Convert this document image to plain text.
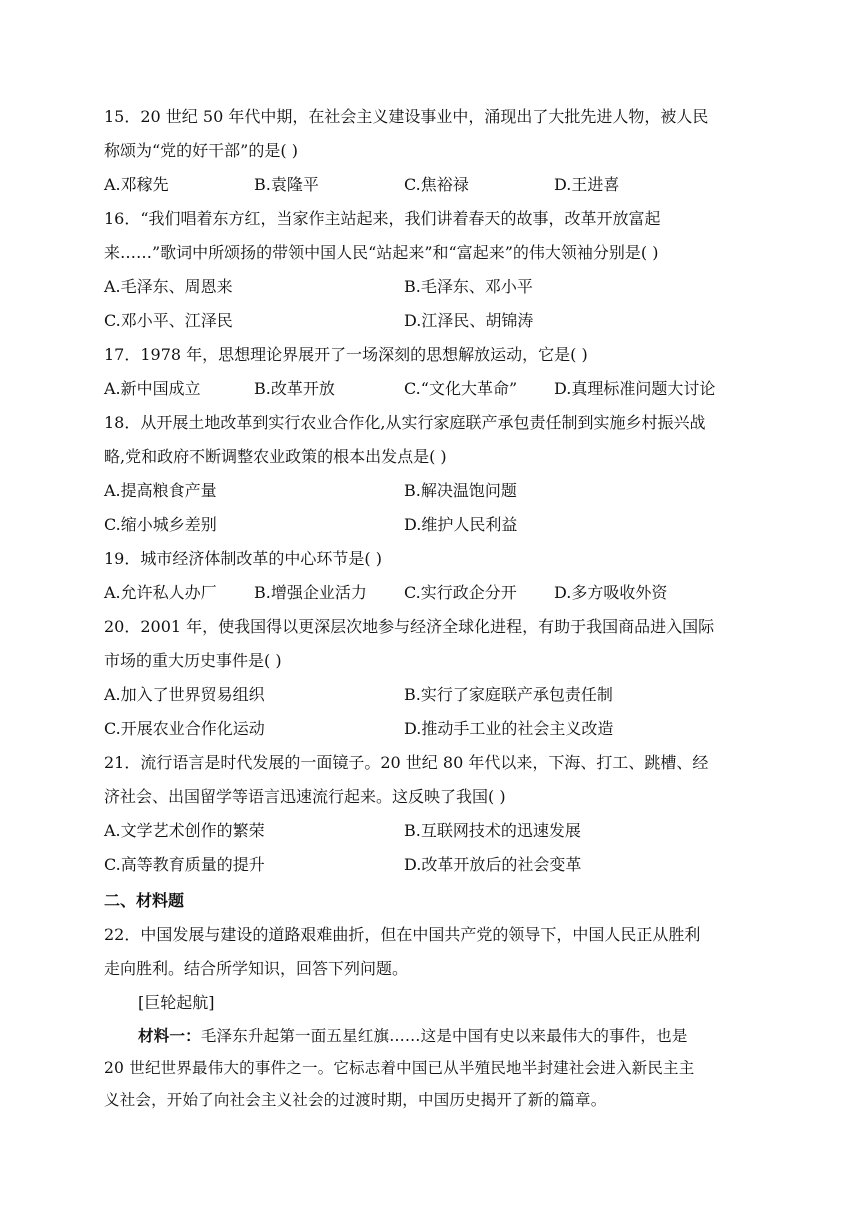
15．20 世纪 50 年代中期，在社会主义建设事业中，涌现出了大批先进人物，被人民
称颂为“党的好干部”的是( )
A.邓稼先	B.袁隆平	C.焦裕禄	D.王进喜
16．“我们唱着东方红，当家作主站起来，我们讲着春天的故事，改革开放富起
来……”歌词中所颂扬的带领中国人民“站起来”和“富起来”的伟大领袖分别是( )
A.毛泽东、周恩来	B.毛泽东、邓小平
C.邓小平、江泽民	D.江泽民、胡锦涛
17．1978 年，思想理论界展开了一场深刻的思想解放运动，它是( )
A.新中国成立	B.改革开放	C.“文化大革命”	D.真理标准问题大讨论
18．从开展土地改革到实行农业合作化,从实行家庭联产承包责任制到实施乡村振兴战
略,党和政府不断调整农业政策的根本出发点是( )
A.提高粮食产量	B.解决温饱问题
C.缩小城乡差别	D.维护人民利益
19．城市经济体制改革的中心环节是( )
A.允许私人办厂	B.增强企业活力	C.实行政企分开	D.多方吸收外资
20．2001 年，使我国得以更深层次地参与经济全球化进程，有助于我国商品进入国际
市场的重大历史事件是( )
A.加入了世界贸易组织	B.实行了家庭联产承包责任制
C.开展农业合作化运动	D.推动手工业的社会主义改造
21．流行语言是时代发展的一面镜子。20 世纪 80 年代以来，下海、打工、跳槽、经
济社会、出国留学等语言迅速流行起来。这反映了我国( )
A.文学艺术创作的繁荣	B.互联网技术的迅速发展
C.高等教育质量的提升	D.改革开放后的社会变革
二、材料题
22．中国发展与建设的道路艰难曲折，但在中国共产党的领导下，中国人民正从胜利
走向胜利。结合所学知识，回答下列问题。
[巨轮起航]
材料一：毛泽东升起第一面五星红旗……这是中国有史以来最伟大的事件，也是
20 世纪世界最伟大的事件之一。它标志着中国已从半殖民地半封建社会进入新民主主
义社会，开始了向社会主义社会的过渡时期，中国历史揭开了新的篇章。
